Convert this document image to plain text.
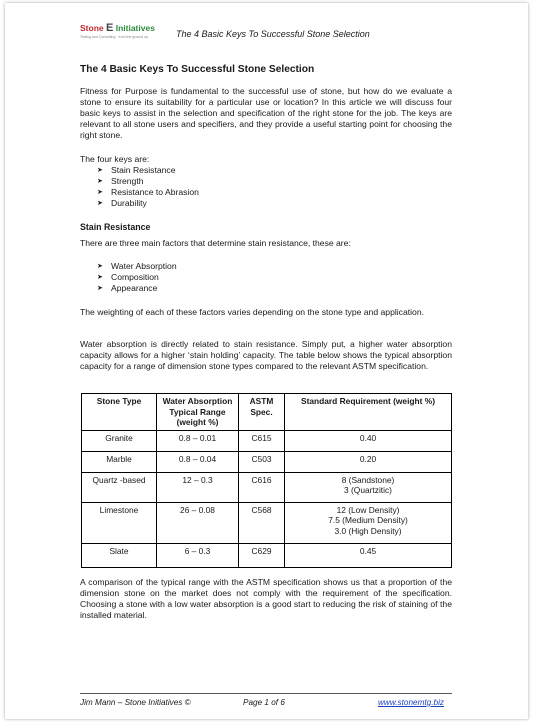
Stone E Initiatives
Testing and Consulting · from the ground up	The 4 Basic Keys To Successful Stone Selection
The 4 Basic Keys To Successful Stone Selection

Fitness for Purpose is fundamental to the successful use of stone, but how do we evaluate a stone to ensure its suitability for a particular use or location? In this article we will discuss four basic keys to assist in the selection and specification of the right stone for the job. The keys are relevant to all stone users and specifiers, and they provide a useful starting point for choosing the right stone.

The four keys are:

➤ Stain Resistance
➤ Strength
➤ Resistance to Abrasion
➤ Durability
Stain Resistance

There are three main factors that determine stain resistance, these are:

➤ Water Absorption
➤ Composition
➤ Appearance

The weighting of each of these factors varies depending on the stone type and application.

Water absorption is directly related to stain resistance. Simply put, a higher water absorption capacity allows for a higher ‘stain holding’ capacity. The table below shows the typical absorption capacity for a range of dimension stone types compared to the relevant ASTM specification.

Stone Type	Water Absorption Typical Range (weight %)	ASTM Spec.	Standard Requirement (weight %)
Granite	0.8 – 0.01	C615	0.40
Marble	0.8 – 0.04	C503	0.20
Quartz -based	12 – 0.3	C616	8 (Sandstone)
3 (Quartzitic)
Limestone	26 – 0.08	C568	12 (Low Density)
7.5 (Medium Density)
3.0 (High Density)
Slate	6 – 0.3	C629	0.45

A comparison of the typical range with the ASTM specification shows us that a proportion of the dimension stone on the market does not comply with the requirement of the specification. Choosing a stone with a low water absorption is a good start to reducing the risk of staining of the installed material.

Jim Mann – Stone Initiatives ©	Page 1 of 6	www.stonemtg.biz
